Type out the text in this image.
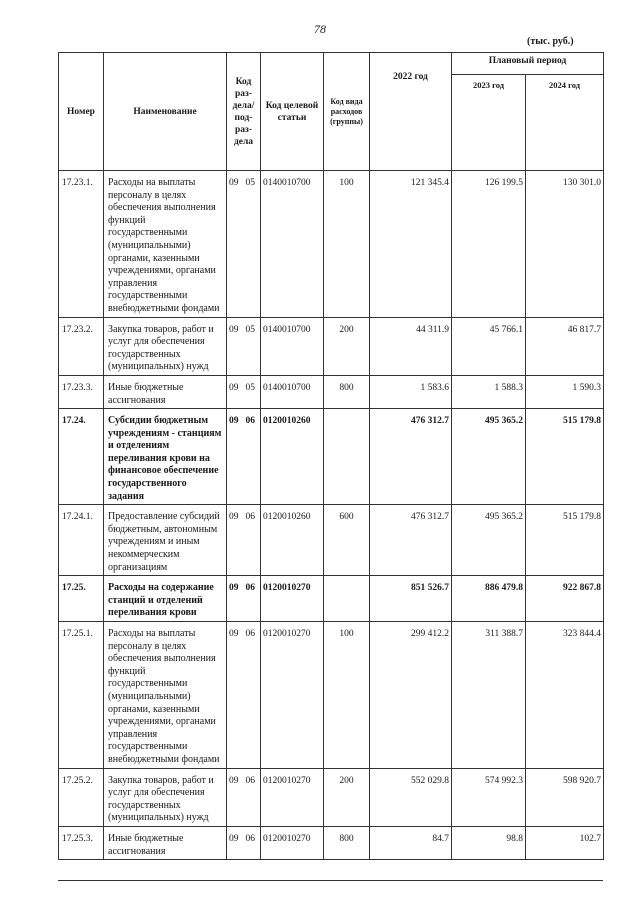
78
(тыс. руб.)
Номер	Наименование	Код раз-дела/ под-раз-дела	Код целевой статьи	Код вида расходов (группы)	2022 год	Плановый период	
						2023 год	2024 год
17.23.1.	Расходы на выплаты персоналу в целях обеспечения выполнения функций государственными (муниципальными) органами, казенными учреждениями, органами управления государственными внебюджетными фондами	09 05	0140010700	100	121 345.4	126 199.5	130 301.0
17.23.2.	Закупка товаров, работ и услуг для обеспечения государственных (муниципальных) нужд	09 05	0140010700	200	44 311.9	45 766.1	46 817.7
17.23.3.	Иные бюджетные ассигнования	09 05	0140010700	800	1 583.6	1 588.3	1 590.3
17.24.	Субсидии бюджетным учреждениям - станциям и отделениям переливания крови на финансовое обеспечение государственного задания	09 06	0120010260		476 312.7	495 365.2	515 179.8
17.24.1.	Предоставление субсидий бюджетным, автономным учреждениям и иным некоммерческим организациям	09 06	0120010260	600	476 312.7	495 365.2	515 179.8
17.25.	Расходы на содержание станций и отделений переливания крови	09 06	0120010270		851 526.7	886 479.8	922 867.8
17.25.1.	Расходы на выплаты персоналу в целях обеспечения выполнения функций государственными (муниципальными) органами, казенными учреждениями, органами управления государственными внебюджетными фондами	09 06	0120010270	100	299 412.2	311 388.7	323 844.4
17.25.2.	Закупка товаров, работ и услуг для обеспечения государственных (муниципальных) нужд	09 06	0120010270	200	552 029.8	574 992.3	598 920.7
17.25.3.	Иные бюджетные ассигнования	09 06	0120010270	800	84.7	98.8	102.7
